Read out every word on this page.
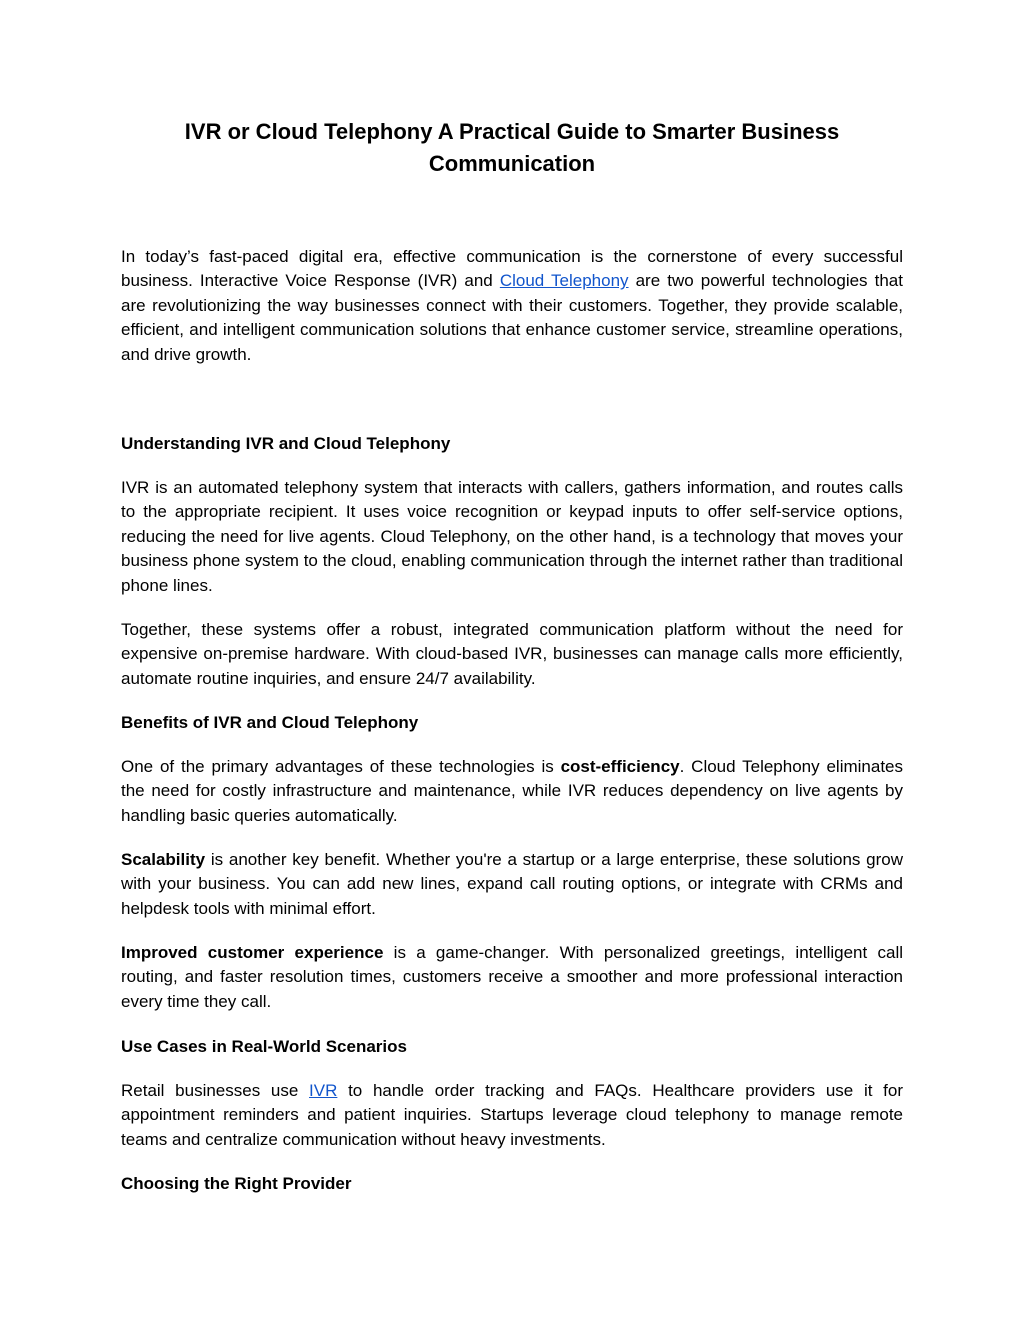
IVR or Cloud Telephony A Practical Guide to Smarter Business Communication

In today’s fast-paced digital era, effective communication is the cornerstone of every successful business. Interactive Voice Response (IVR) and Cloud Telephony are two powerful technologies that are revolutionizing the way businesses connect with their customers. Together, they provide scalable, efficient, and intelligent communication solutions that enhance customer service, streamline operations, and drive growth.

Understanding IVR and Cloud Telephony

IVR is an automated telephony system that interacts with callers, gathers information, and routes calls to the appropriate recipient. It uses voice recognition or keypad inputs to offer self-service options, reducing the need for live agents. Cloud Telephony, on the other hand, is a technology that moves your business phone system to the cloud, enabling communication through the internet rather than traditional phone lines.

Together, these systems offer a robust, integrated communication platform without the need for expensive on-premise hardware. With cloud-based IVR, businesses can manage calls more efficiently, automate routine inquiries, and ensure 24/7 availability.

Benefits of IVR and Cloud Telephony

One of the primary advantages of these technologies is cost-efficiency. Cloud Telephony eliminates the need for costly infrastructure and maintenance, while IVR reduces dependency on live agents by handling basic queries automatically.

Scalability is another key benefit. Whether you're a startup or a large enterprise, these solutions grow with your business. You can add new lines, expand call routing options, or integrate with CRMs and helpdesk tools with minimal effort.

Improved customer experience is a game-changer. With personalized greetings, intelligent call routing, and faster resolution times, customers receive a smoother and more professional interaction every time they call.

Use Cases in Real-World Scenarios

Retail businesses use IVR to handle order tracking and FAQs. Healthcare providers use it for appointment reminders and patient inquiries. Startups leverage cloud telephony to manage remote teams and centralize communication without heavy investments.

Choosing the Right Provider
